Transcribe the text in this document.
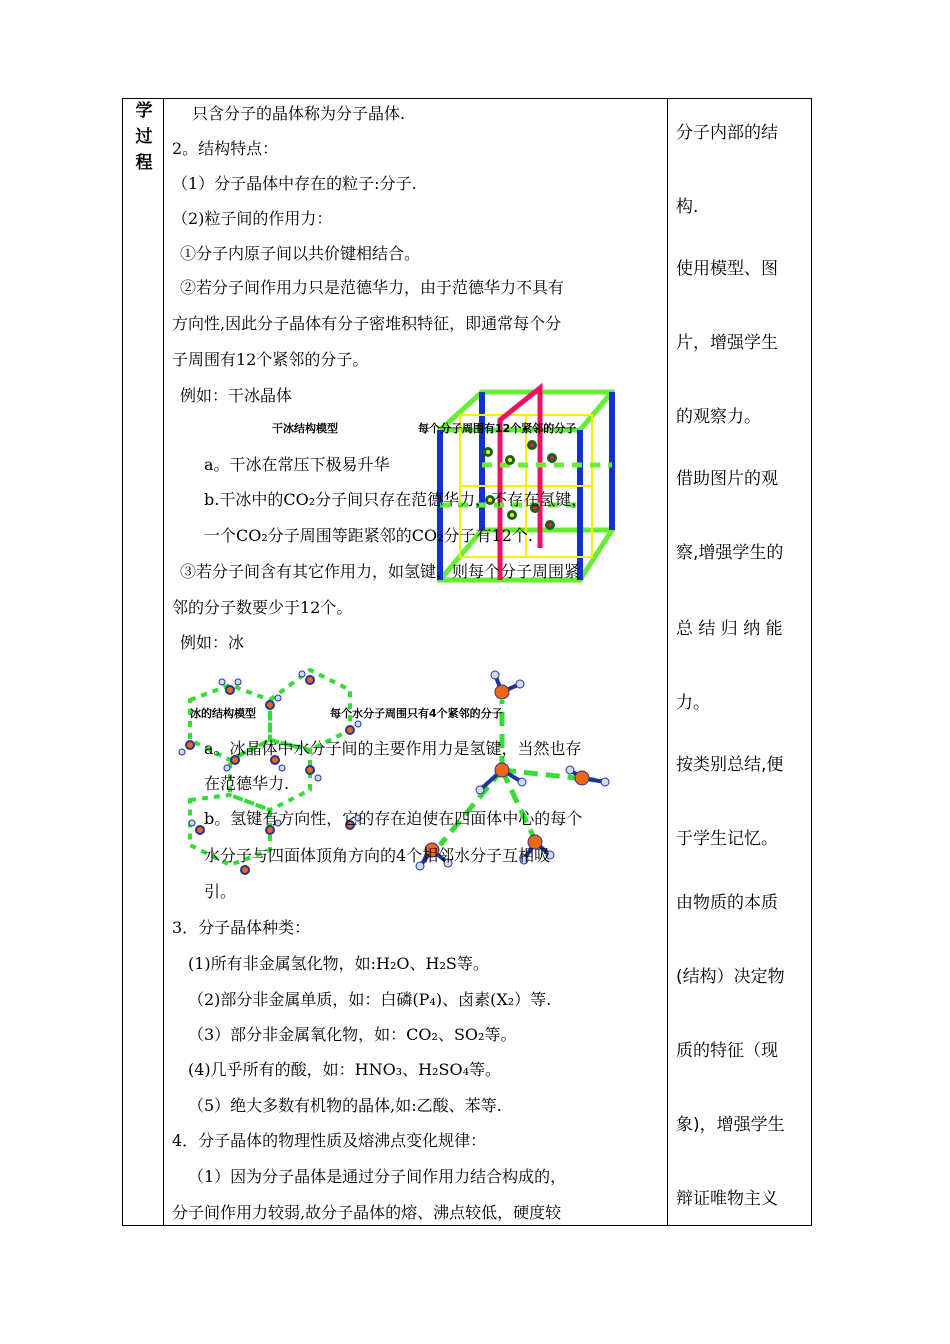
学
过
程
只含分子的晶体称为分子晶体.
2。结构特点：
（1）分子晶体中存在的粒子:分子.
（2)粒子间的作用力：
①分子内原子间以共价键相结合。
②若分子间作用力只是范德华力，由于范德华力不具有
方向性,因此分子晶体有分子密堆积特征，即通常每个分
子周围有12个紧邻的分子。
例如：干冰晶体
干冰结构模型	每个分子周围有12个紧邻的分子
a。干冰在常压下极易升华
b.干冰中的CO₂分子间只存在范德华力，不存在氢键，
一个CO₂分子周围等距紧邻的CO₂分子有12个.
③若分子间含有其它作用力，如氢键，则每个分子周围紧
邻的分子数要少于12个。
例如：冰
冰的结构模型	每个水分子周围只有4个紧邻的分子
a。冰晶体中水分子间的主要作用力是氢键，当然也存
在范德华力.
b。氢键有方向性，它的存在迫使在四面体中心的每个
水分子与四面体顶角方向的4个相邻水分子互相吸
引。
3．分子晶体种类：
(1)所有非金属氢化物，如:H₂O、H₂S等。
（2)部分非金属单质，如：白磷(P₄)、卤素(X₂）等.
（3）部分非金属氧化物，如：CO₂、SO₂等。
(4)几乎所有的酸，如：HNO₃、H₂SO₄等。
（5）绝大多数有机物的晶体,如:乙酸、苯等.
4．分子晶体的物理性质及熔沸点变化规律：
（1）因为分子晶体是通过分子间作用力结合构成的，
分子间作用力较弱,故分子晶体的熔、沸点较低，硬度较
分子内部的结
构.
使用模型、图
片，增强学生
的观察力。
借助图片的观
察,增强学生的
总 结 归 纳 能
力。
按类别总结,便
于学生记忆。
由物质的本质
(结构）决定物
质的特征（现
象)，增强学生
辩证唯物主义
